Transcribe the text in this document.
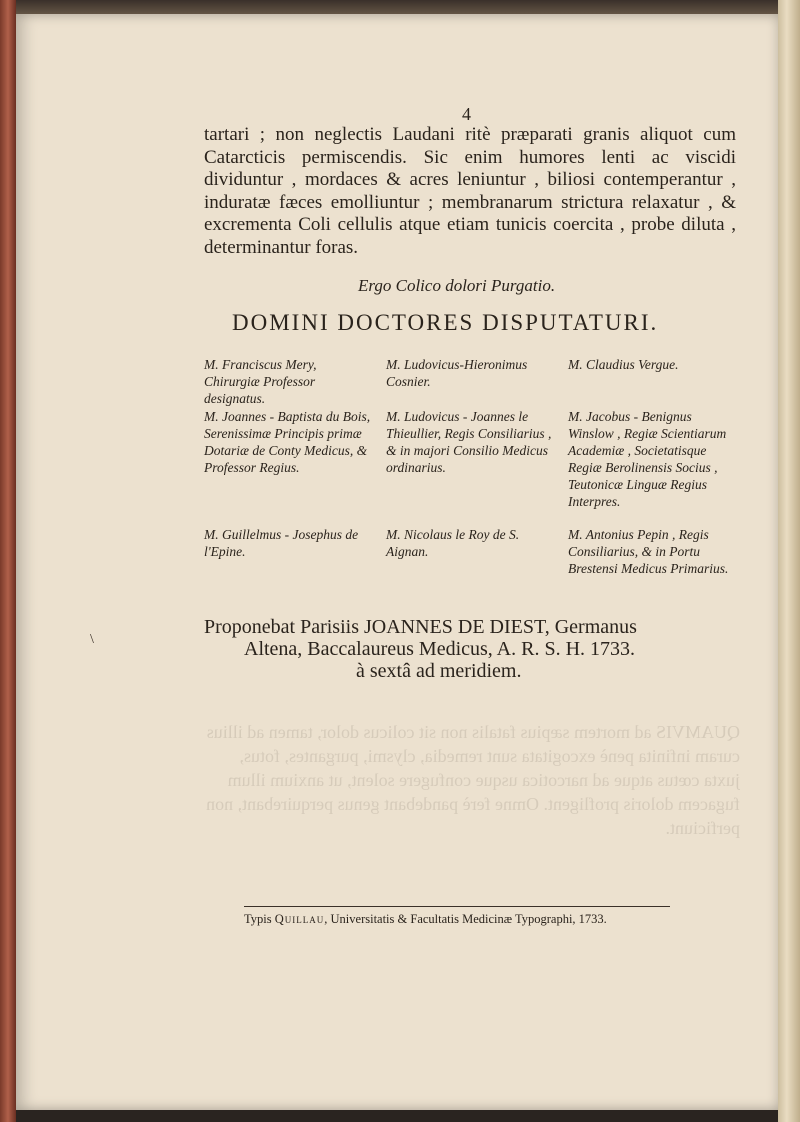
QUAMVIS ad mortem sæpius fatalis non sit colicus dolor, tamen ad illius curam infinita penè excogitata sunt remedia, clysmi, purgantes, fotus, juxta cœtus atque ad narcotica usque confugere solent, ut anxium illum fugacem doloris profligent. Omne ferè pandebant genus perquirebant, non perficiunt.
4
tartari ; non neglectis Laudani ritè præparati granis aliquot cum Catarcticis permiscendis. Sic enim humores lenti ac viscidi dividuntur , mordaces & acres leniuntur , biliosi contemperantur , induratæ fæces emolliuntur ; membranarum strictura relaxatur , & excrementa Coli cellulis atque etiam tunicis coercita , probe diluta , determinantur foras.
Ergo Colico dolori Purgatio.
DOMINI DOCTORES DISPUTATURI.
M. Franciscus Mery, Chirurgiæ Professor designatus.
M. Ludovicus-Hieronimus Cosnier.
M. Claudius Vergue.
M. Joannes - Baptista du Bois, Serenissimæ Principis primæ Dotariæ de Conty Medicus, & Professor Regius.
M. Ludovicus - Joannes le Thieullier, Regis Consiliarius , & in majori Consilio Medicus ordinarius.
M. Jacobus - Benignus Winslow , Regiæ Scientiarum Academiæ , Societatisque Regiæ Berolinensis Socius , Teutonicæ Linguæ Regius Interpres.
M. Guillelmus - Josephus de l'Epine.
M. Nicolaus le Roy de S. Aignan.
M. Antonius Pepin , Regis Consiliarius, & in Portu Brestensi Medicus Primarius.
Proponebat Parisiis JOANNES DE DIEST, Germanus
Altena, Baccalaureus Medicus, A. R. S. H. 1733.
à sextâ ad meridiem.
\
Typis Quillau, Universitatis & Facultatis Medicinæ Typographi, 1733.
